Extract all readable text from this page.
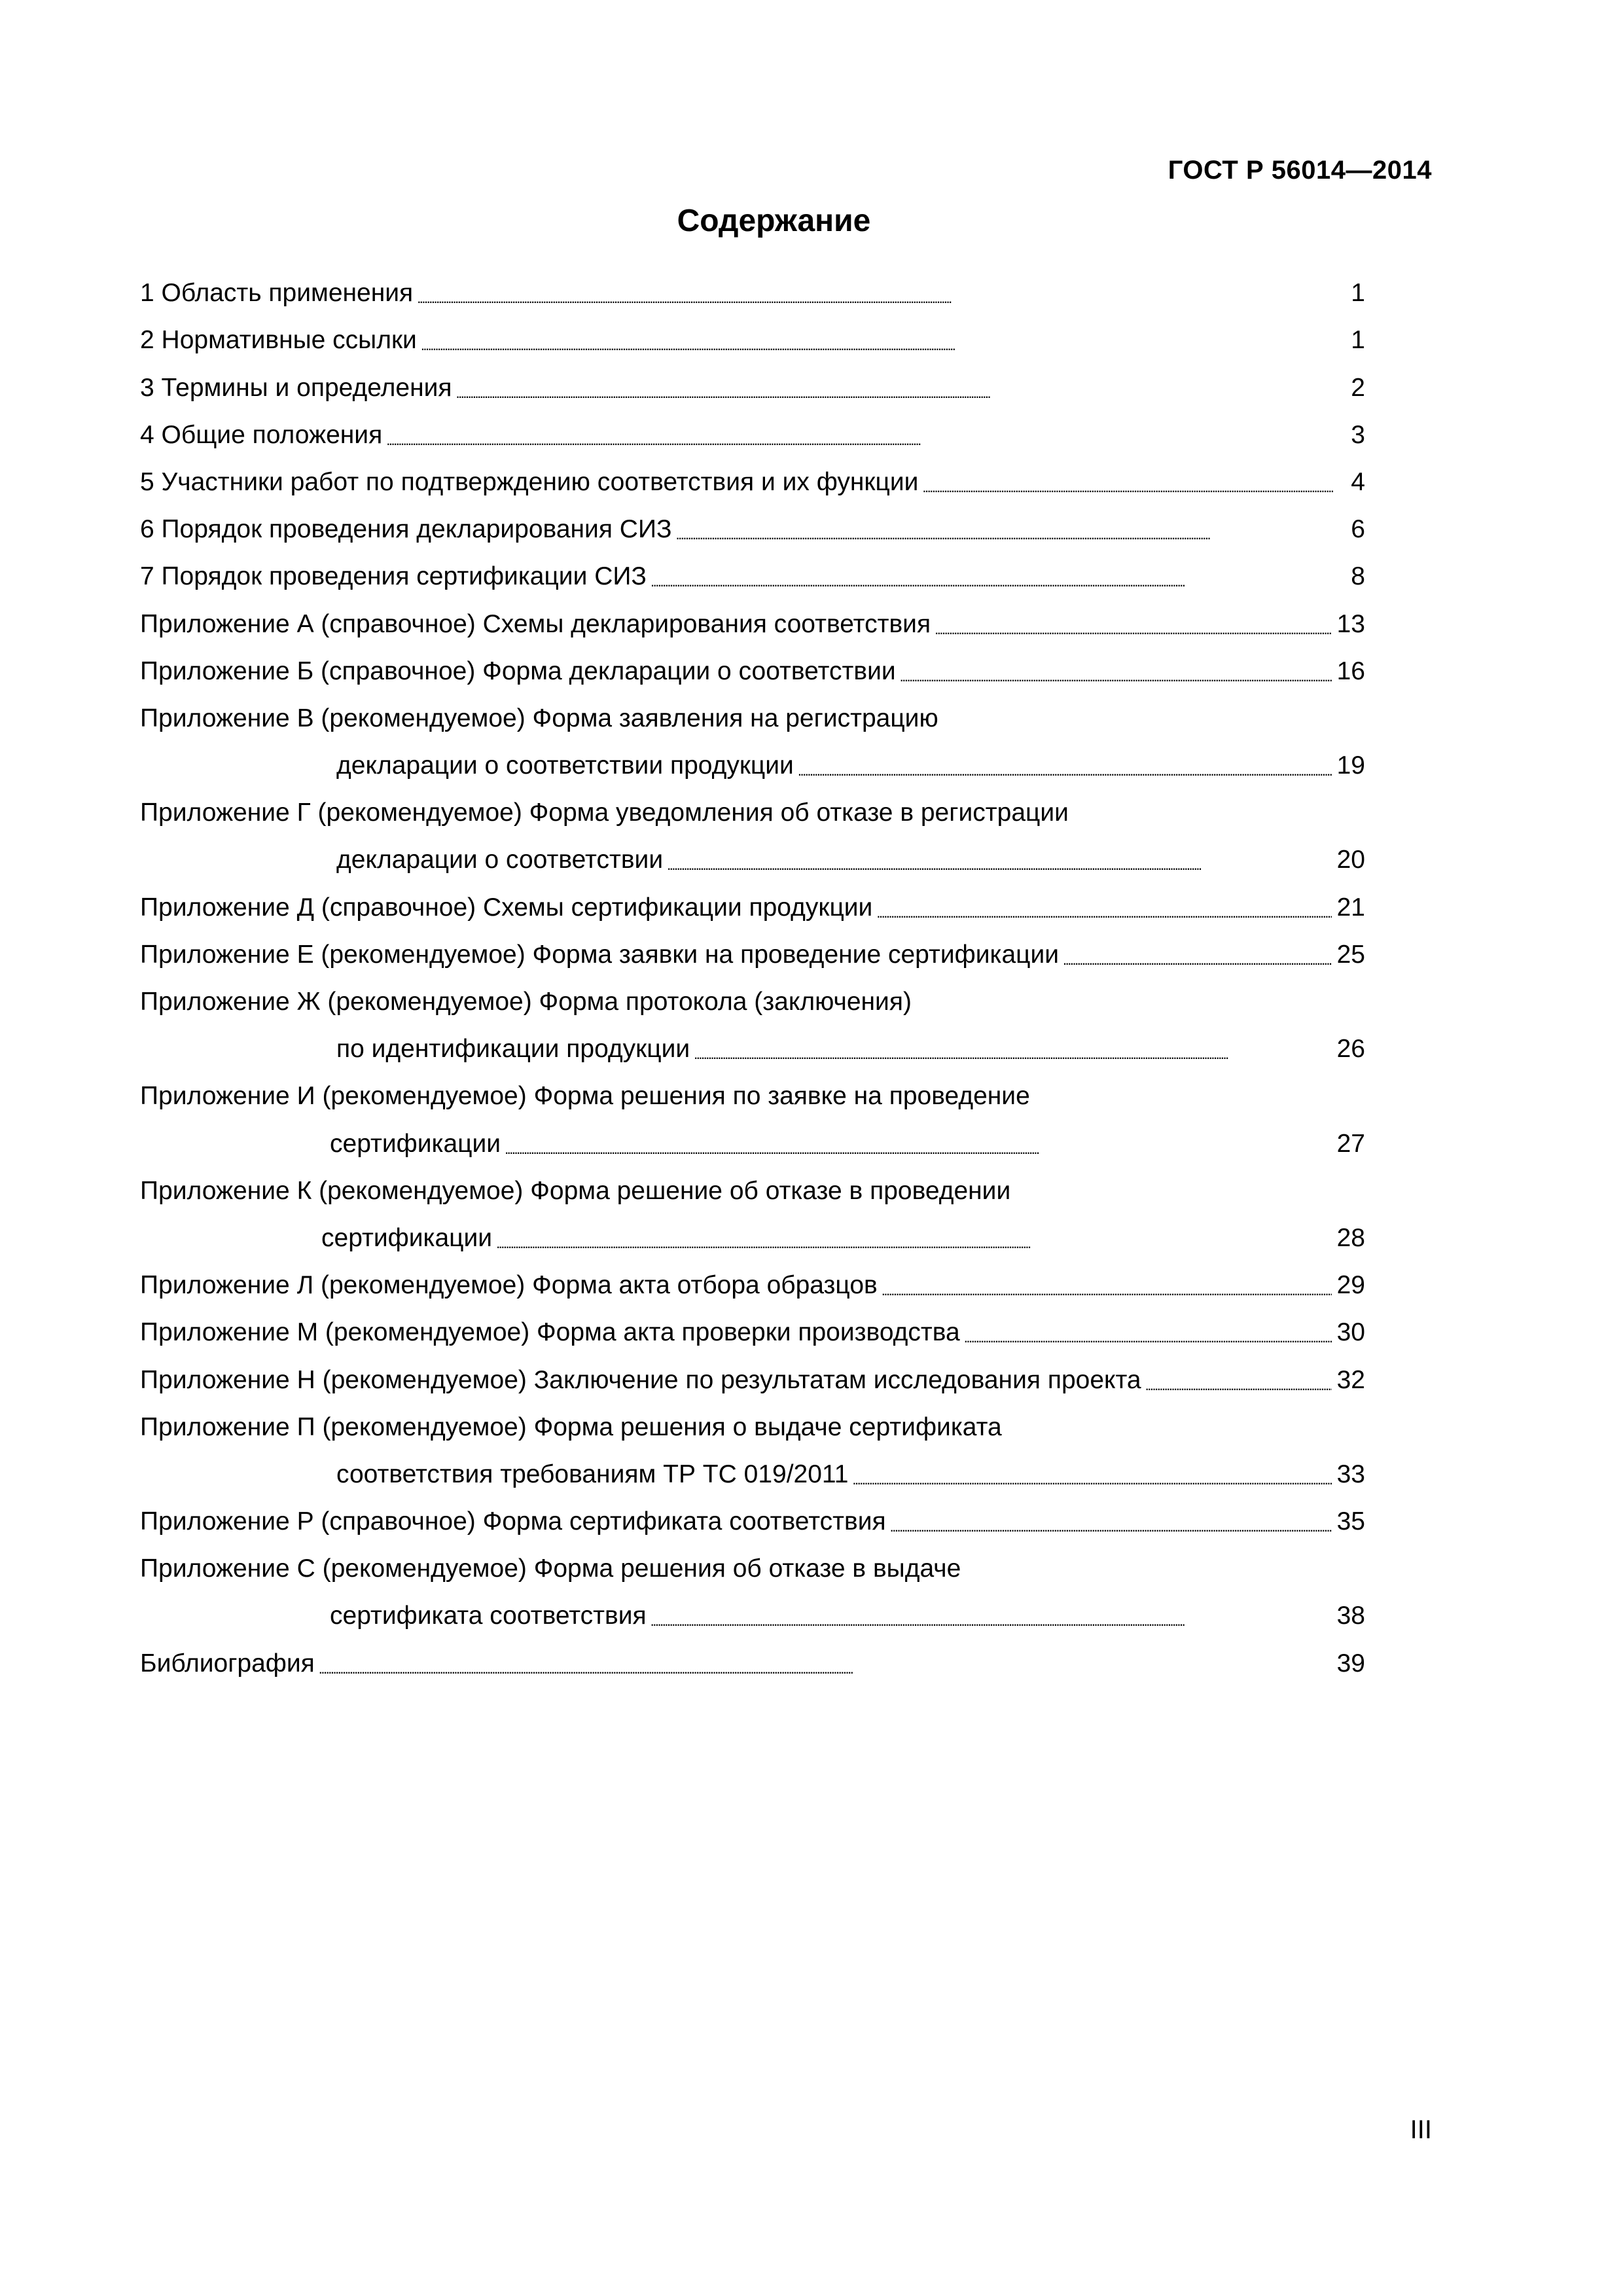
ГОСТ Р 56014—2014
Содержание
1 Область применения . . .	1
2 Нормативные ссылки . . .	1
3 Термины и определения . . .	2
4 Общие положения . . .	3
5 Участники работ по подтверждению соответствия и их функции . . .	4
6 Порядок проведения декларирования СИЗ . . .	6
7 Порядок проведения сертификации СИЗ . . .	8
Приложение А (справочное) Схемы декларирования соответствия . . .	13
Приложение Б (справочное) Форма декларации о соответствии . . .	16
Приложение В (рекомендуемое) Форма заявления на регистрацию
декларации о соответствии продукции . . .	19
Приложение Г (рекомендуемое) Форма уведомления об отказе в регистрации
декларации о соответствии . . .	20
Приложение Д (справочное) Схемы сертификации продукции . . .	21
Приложение Е (рекомендуемое) Форма заявки на проведение сертификации . . .	25
Приложение Ж (рекомендуемое) Форма протокола (заключения)
по идентификации продукции . . .	26
Приложение И (рекомендуемое) Форма решения по заявке на проведение
сертификации . . .	27
Приложение К (рекомендуемое) Форма решение об отказе в проведении
сертификации . . .	28
Приложение Л (рекомендуемое) Форма акта отбора образцов . . .	29
Приложение М (рекомендуемое) Форма акта проверки производства . . .	30
Приложение Н (рекомендуемое) Заключение по результатам исследования проекта . . .	32
Приложение П (рекомендуемое) Форма решения о выдаче сертификата
соответствия требованиям ТР ТС 019/2011 . . .	33
Приложение Р (справочное) Форма сертификата соответствия . . .	35
Приложение С (рекомендуемое) Форма решения об отказе в выдаче
сертификата соответствия . . .	38
Библиография . . .	39
III
